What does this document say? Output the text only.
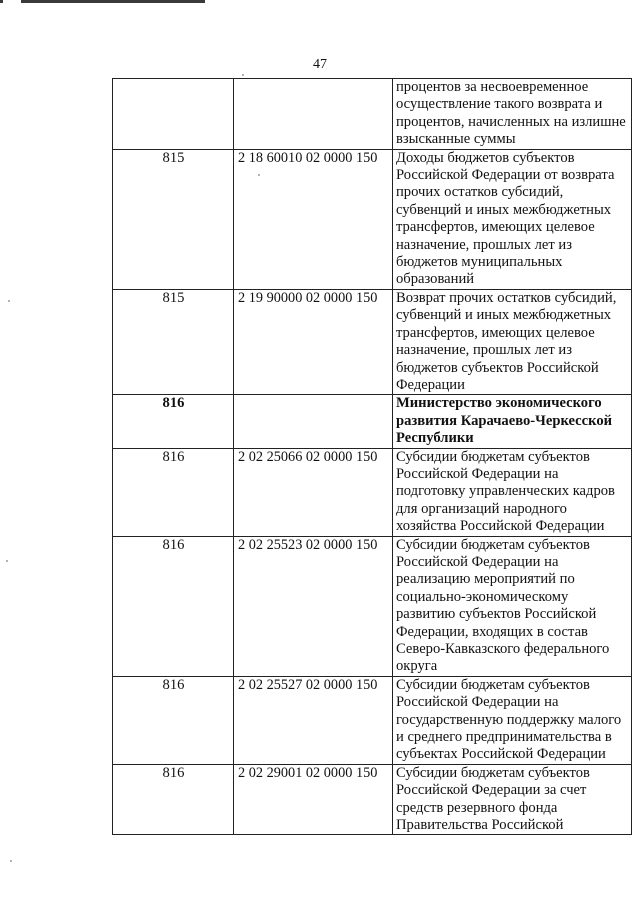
47
		процентов за несвоевременное осуществление такого возврата и процентов, начисленных на излишне взысканные суммы
815	2 18 60010 02 0000 150	Доходы бюджетов субъектов Российской Федерации от возврата прочих остатков субсидий, субвенций и иных межбюджетных трансфертов, имеющих целевое назначение, прошлых лет из бюджетов муниципальных образований
815	2 19 90000 02 0000 150	Возврат прочих остатков субсидий, субвенций и иных межбюджетных трансфертов, имеющих целевое назначение, прошлых лет из бюджетов субъектов Российской Федерации
816		Министерство экономического развития Карачаево-Черкесской Республики
816	2 02 25066 02 0000 150	Субсидии бюджетам субъектов Российской Федерации на подготовку управленческих кадров для организаций народного хозяйства Российской Федерации
816	2 02 25523 02 0000 150	Субсидии бюджетам субъектов Российской Федерации на реализацию мероприятий по социально-экономическому развитию субъектов Российской Федерации, входящих в состав Северо-Кавказского федерального округа
816	2 02 25527 02 0000 150	Субсидии бюджетам субъектов Российской Федерации на государственную поддержку малого и среднего предпринимательства в субъектах Российской Федерации
816	2 02 29001 02 0000 150	Субсидии бюджетам субъектов Российской Федерации за счет средств резервного фонда Правительства Российской
